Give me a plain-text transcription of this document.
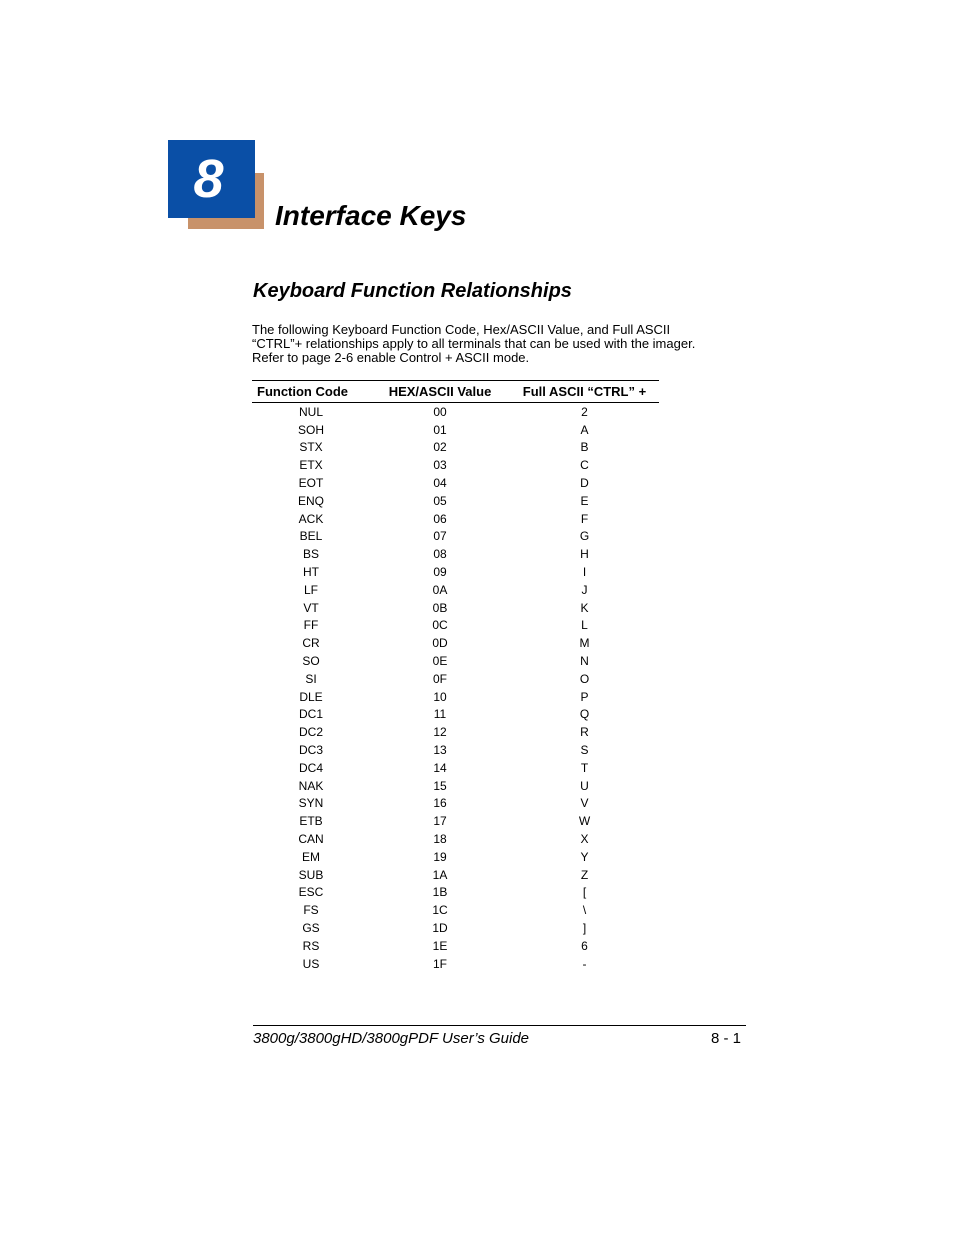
8
Interface Keys
Keyboard Function Relationships
The following Keyboard Function Code, Hex/ASCII Value, and Full ASCII
“CTRL”+ relationships apply to all terminals that can be used with the imager.
Refer to page 2-6 enable Control + ASCII mode.
Function Code	HEX/ASCII Value	Full ASCII “CTRL” +
NUL	00	2
SOH	01	A
STX	02	B
ETX	03	C
EOT	04	D
ENQ	05	E
ACK	06	F
BEL	07	G
BS	08	H
HT	09	I
LF	0A	J
VT	0B	K
FF	0C	L
CR	0D	M
SO	0E	N
SI	0F	O
DLE	10	P
DC1	11	Q
DC2	12	R
DC3	13	S
DC4	14	T
NAK	15	U
SYN	16	V
ETB	17	W
CAN	18	X
EM	19	Y
SUB	1A	Z
ESC	1B	[
FS	1C	\
GS	1D	]
RS	1E	6
US	1F	-
3800g/3800gHD/3800gPDF User’s Guide	8 - 1
